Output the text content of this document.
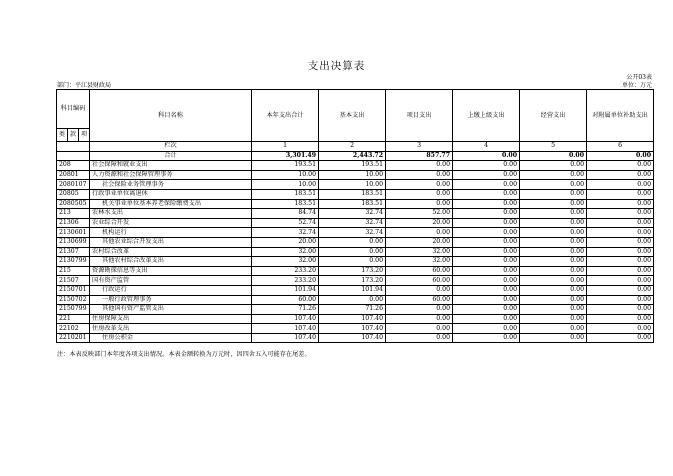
支出决算表
公开03表
部门：平江县财政局	单位：万元
科目编码			科目名称	本年支出合计	基本支出	项目支出	上缴上级支出	经营支出	对附属单位补助支出
类	款	项							
			栏次	1	2	3	4	5	6
			合计	3,301.49	2,443.72	857.77	0.00	0.00	0.00
208			社会保障和就业支出	193.51	193.51	0.00	0.00	0.00	0.00
20801			人力资源和社会保障管理事务	10.00	10.00	0.00	0.00	0.00	0.00
2080107			社会保险业务管理事务	10.00	10.00	0.00	0.00	0.00	0.00
20805			行政事业单位离退休	183.51	183.51	0.00	0.00	0.00	0.00
2080505			机关事业单位基本养老保险缴费支出	183.51	183.51	0.00	0.00	0.00	0.00
213			农林水支出	84.74	32.74	52.00	0.00	0.00	0.00
21306			农业综合开发	52.74	32.74	20.00	0.00	0.00	0.00
2130601			机构运行	32.74	32.74	0.00	0.00	0.00	0.00
2130699			其他农业综合开发支出	20.00	0.00	20.00	0.00	0.00	0.00
21307			农村综合改革	32.00	0.00	32.00	0.00	0.00	0.00
2130799			其他农村综合改革支出	32.00	0.00	32.00	0.00	0.00	0.00
215			资源勘探信息等支出	233.20	173.20	60.00	0.00	0.00	0.00
21507			国有资产监管	233.20	173.20	60.00	0.00	0.00	0.00
2150701			行政运行	101.94	101.94	0.00	0.00	0.00	0.00
2150702			一般行政管理事务	60.00	0.00	60.00	0.00	0.00	0.00
2150799			其他国有资产监管支出	71.26	71.26	0.00	0.00	0.00	0.00
221			住房保障支出	107.40	107.40	0.00	0.00	0.00	0.00
22102			住房改革支出	107.40	107.40	0.00	0.00	0.00	0.00
2210201			住房公积金	107.40	107.40	0.00	0.00	0.00	0.00
注：本表反映部门本年度各项支出情况。本表金额转换为万元时，因四舍五入可能存在尾差。
